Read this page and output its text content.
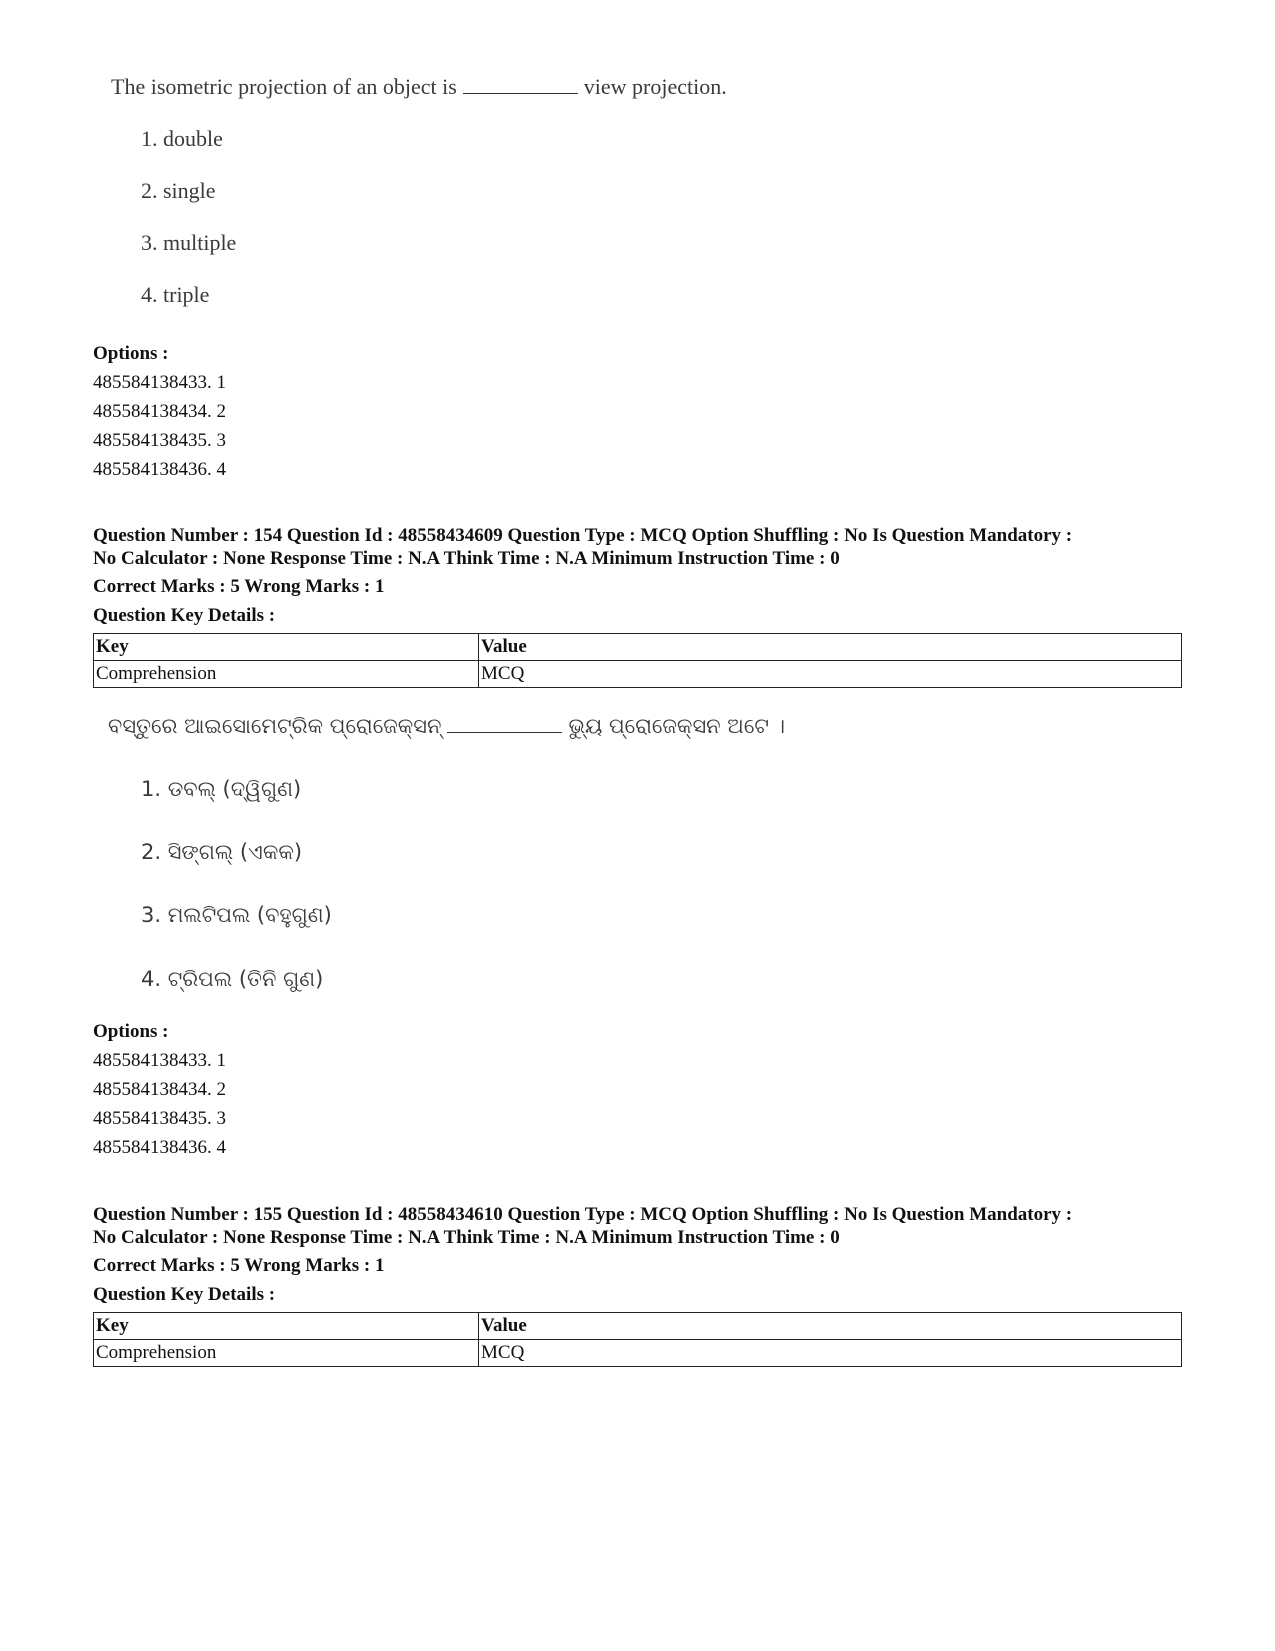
The isometric projection of an object is	view projection.
1. double
2. single
3. multiple
4. triple
Options :
485584138433. 1
485584138434. 2
485584138435. 3
485584138436. 4
Question Number : 154 Question Id : 48558434609 Question Type : MCQ Option Shuffling : No Is Question Mandatory :
No Calculator : None Response Time : N.A Think Time : N.A Minimum Instruction Time : 0
Correct Marks : 5 Wrong Marks : 1
Question Key Details :
Key	Value
Comprehension	MCQ
ବସ୍ତୁରେ ଆଇସୋମେଟ୍ରିକ ପ୍ରୋଜେକ୍ସନ୍	ଭ୍ୟୁ ପ୍ରୋଜେକ୍ସନ ଅଟେ ।
1. ଡବଲ୍ (ଦ୍ୱିଗୁଣ)
2. ସିଙ୍ଗଲ୍ (ଏକକ)
3. ମଲଟିପଲ (ବହୁଗୁଣ)
4. ଟ୍ରିପଲ (ତିନି ଗୁଣ)
Options :
485584138433. 1
485584138434. 2
485584138435. 3
485584138436. 4
Question Number : 155 Question Id : 48558434610 Question Type : MCQ Option Shuffling : No Is Question Mandatory :
No Calculator : None Response Time : N.A Think Time : N.A Minimum Instruction Time : 0
Correct Marks : 5 Wrong Marks : 1
Question Key Details :
Key	Value
Comprehension	MCQ
